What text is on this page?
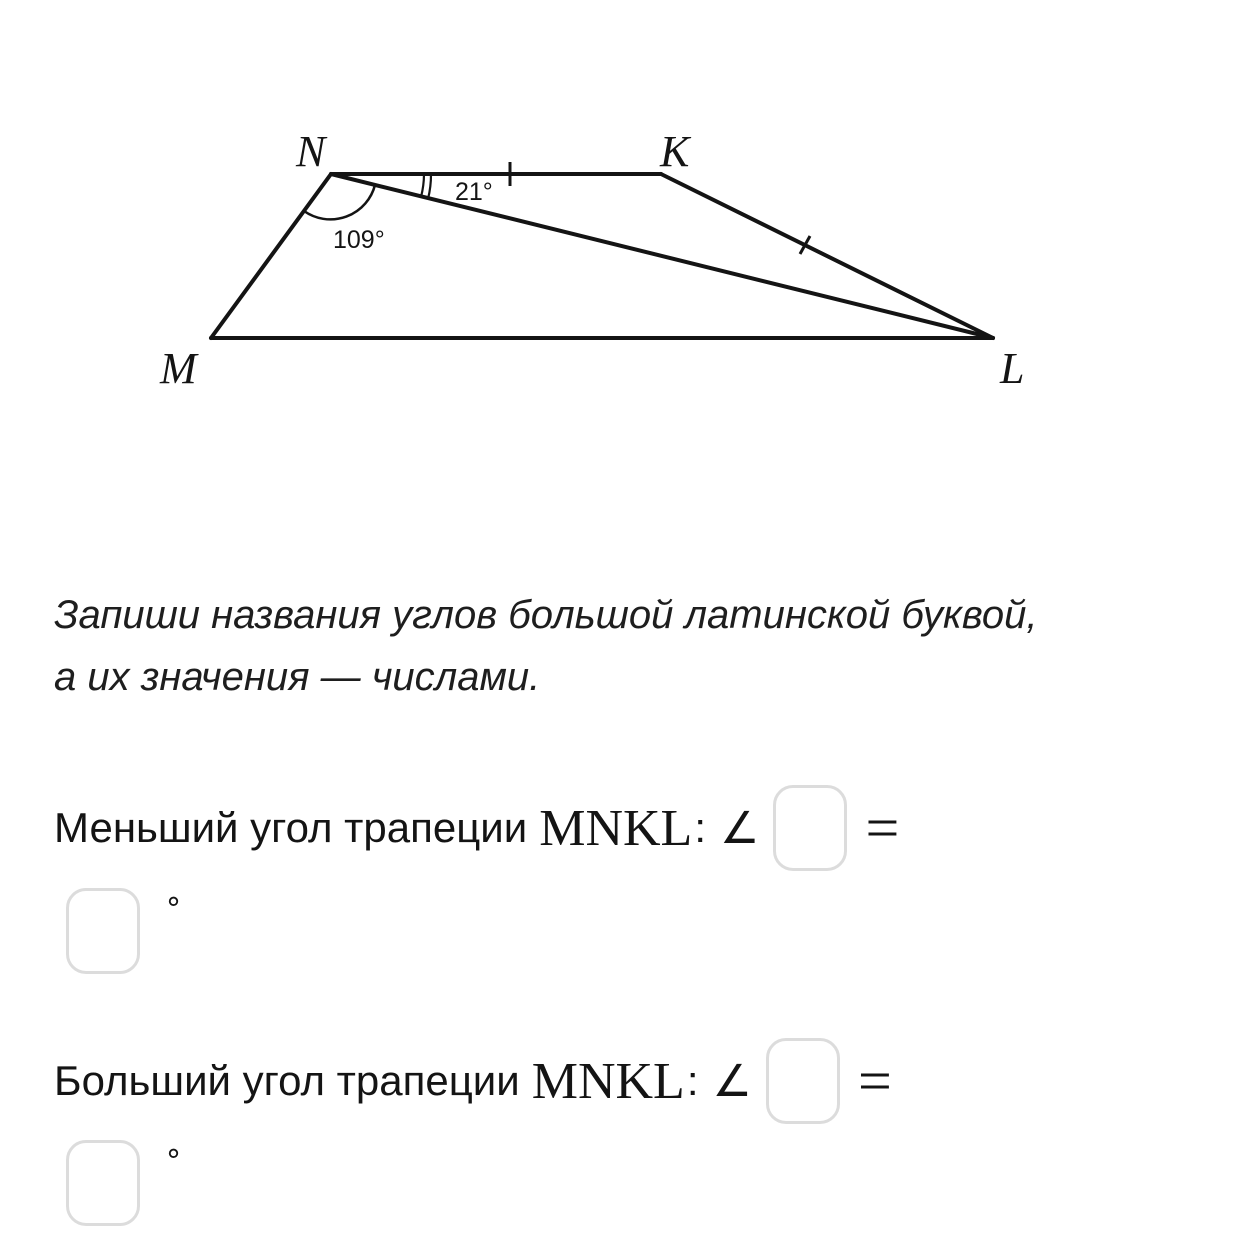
N	K
M	L
21°
109°
Запиши названия углов большой латинской буквой,
а их значения — числами.
Меньший угол трапеции MNKL : ∠ =
°
Больший угол трапеции MNKL : ∠ =
°
